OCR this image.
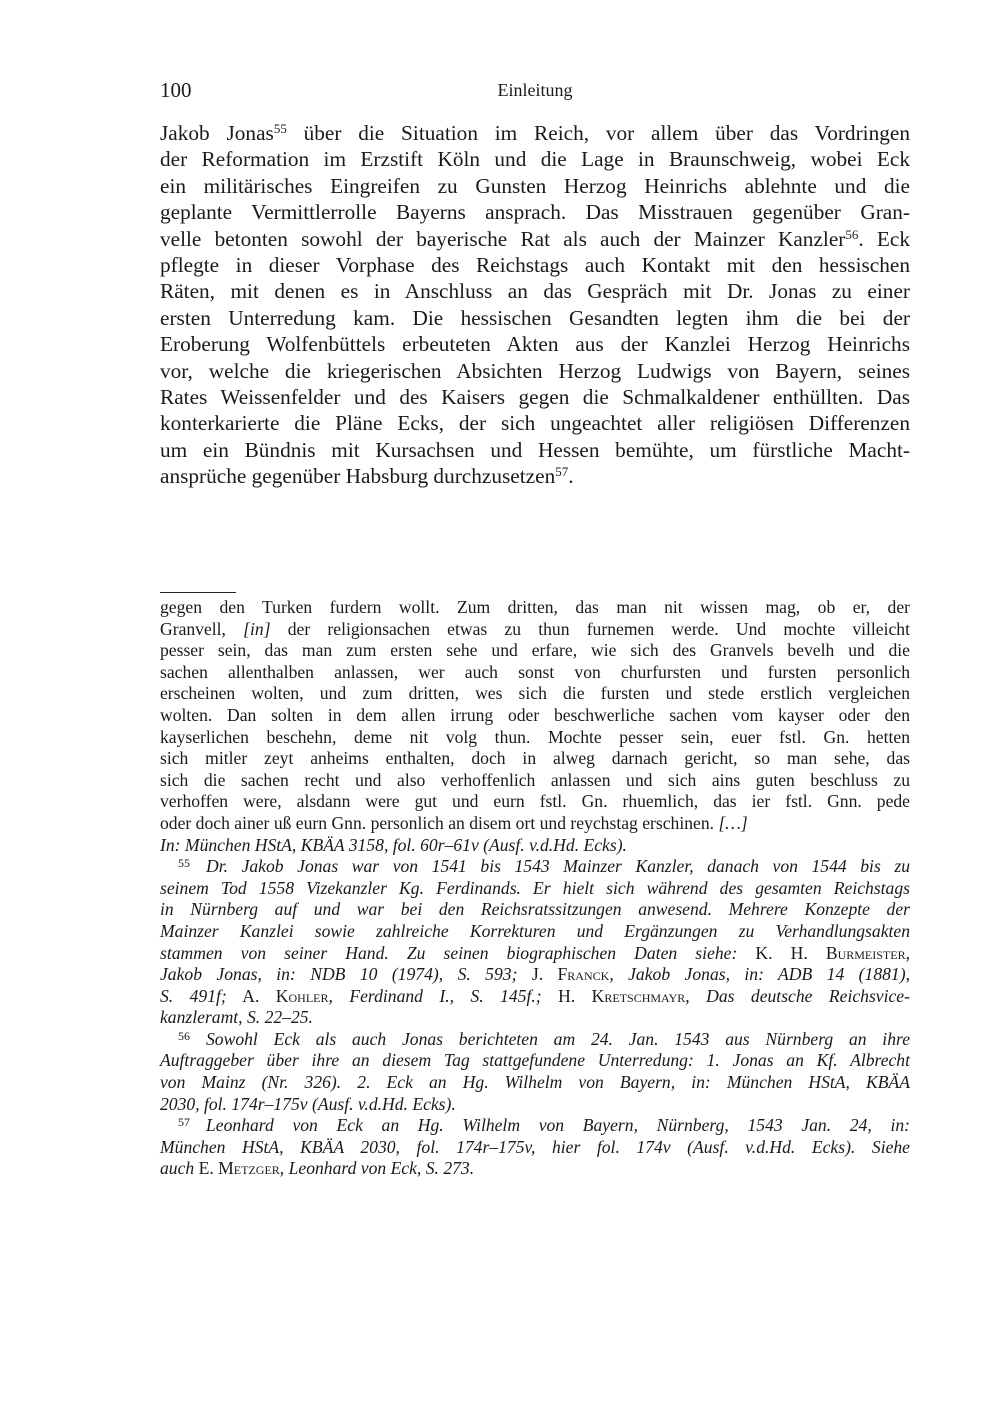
100	Einleitung
Jakob Jonas$^{55}$ über die Situation im Reich, vor allem über das Vordringen
der Reformation im Erzstift Köln und die Lage in Braunschweig, wobei Eck
ein militärisches Eingreifen zu Gunsten Herzog Heinrichs ablehnte und die
geplante Vermittlerrolle Bayerns ansprach. Das Misstrauen gegenüber Gran-
velle betonten sowohl der bayerische Rat als auch der Mainzer Kanzler$^{56}$. Eck
pflegte in dieser Vorphase des Reichstags auch Kontakt mit den hessischen
Räten, mit denen es in Anschluss an das Gespräch mit Dr. Jonas zu einer
ersten Unterredung kam. Die hessischen Gesandten legten ihm die bei der
Eroberung Wolfenbüttels erbeuteten Akten aus der Kanzlei Herzog Heinrichs
vor, welche die kriegerischen Absichten Herzog Ludwigs von Bayern, seines
Rates Weissenfelder und des Kaisers gegen die Schmalkaldener enthüllten. Das
konterkarierte die Pläne Ecks, der sich ungeachtet aller religiösen Differenzen
um ein Bündnis mit Kursachsen und Hessen bemühte, um fürstliche Macht-
ansprüche gegenüber Habsburg durchzusetzen$^{57}$.
gegen den Turken furdern wollt. Zum dritten, das man nit wissen mag, ob er, der
Granvell, [in] der religionsachen etwas zu thun furnemen werde. Und mochte villeicht
pesser sein, das man zum ersten sehe und erfare, wie sich des Granvels bevelh und die
sachen allenthalben anlassen, wer auch sonst von churfursten und fursten personlich
erscheinen wolten, und zum dritten, wes sich die fursten und stede erstlich vergleichen
wolten. Dan solten in dem allen irrung oder beschwerliche sachen vom kayser oder den
kayserlichen beschehn, deme nit volg thun. Mochte pesser sein, euer fstl. Gn. hetten
sich mitler zeyt anheims enthalten, doch in alweg darnach gericht, so man sehe, das
sich die sachen recht und also verhoffenlich anlassen und sich ains guten beschluss zu
verhoffen were, alsdann were gut und eurn fstl. Gn. rhuemlich, das ier fstl. Gnn. pede
oder doch ainer uß eurn Gnn. personlich an disem ort und reychstag erschinen. […]
In: München HStA, KBÄA 3158, fol. 60r–61v (Ausf. v.d.Hd. Ecks).
55 Dr. Jakob Jonas war von 1541 bis 1543 Mainzer Kanzler, danach von 1544 bis zu
seinem Tod 1558 Vizekanzler Kg. Ferdinands. Er hielt sich während des gesamten Reichstags
in Nürnberg auf und war bei den Reichsratssitzungen anwesend. Mehrere Konzepte der
Mainzer Kanzlei sowie zahlreiche Korrekturen und Ergänzungen zu Verhandlungsakten
stammen von seiner Hand. Zu seinen biographischen Daten siehe: K. H. Burmeister,
Jakob Jonas, in: NDB 10 (1974), S. 593; J. Franck, Jakob Jonas, in: ADB 14 (1881),
S. 491f; A. Kohler, Ferdinand I., S. 145f.; H. Kretschmayr, Das deutsche Reichsvice-
kanzleramt, S. 22–25.
56 Sowohl Eck als auch Jonas berichteten am 24. Jan. 1543 aus Nürnberg an ihre
Auftraggeber über ihre an diesem Tag stattgefundene Unterredung: 1. Jonas an Kf. Albrecht
von Mainz (Nr. 326). 2. Eck an Hg. Wilhelm von Bayern, in: München HStA, KBÄA
2030, fol. 174r–175v (Ausf. v.d.Hd. Ecks).
57 Leonhard von Eck an Hg. Wilhelm von Bayern, Nürnberg, 1543 Jan. 24, in:
München HStA, KBÄA 2030, fol. 174r–175v, hier fol. 174v (Ausf. v.d.Hd. Ecks). Siehe
auch E. Metzger, Leonhard von Eck, S. 273.
